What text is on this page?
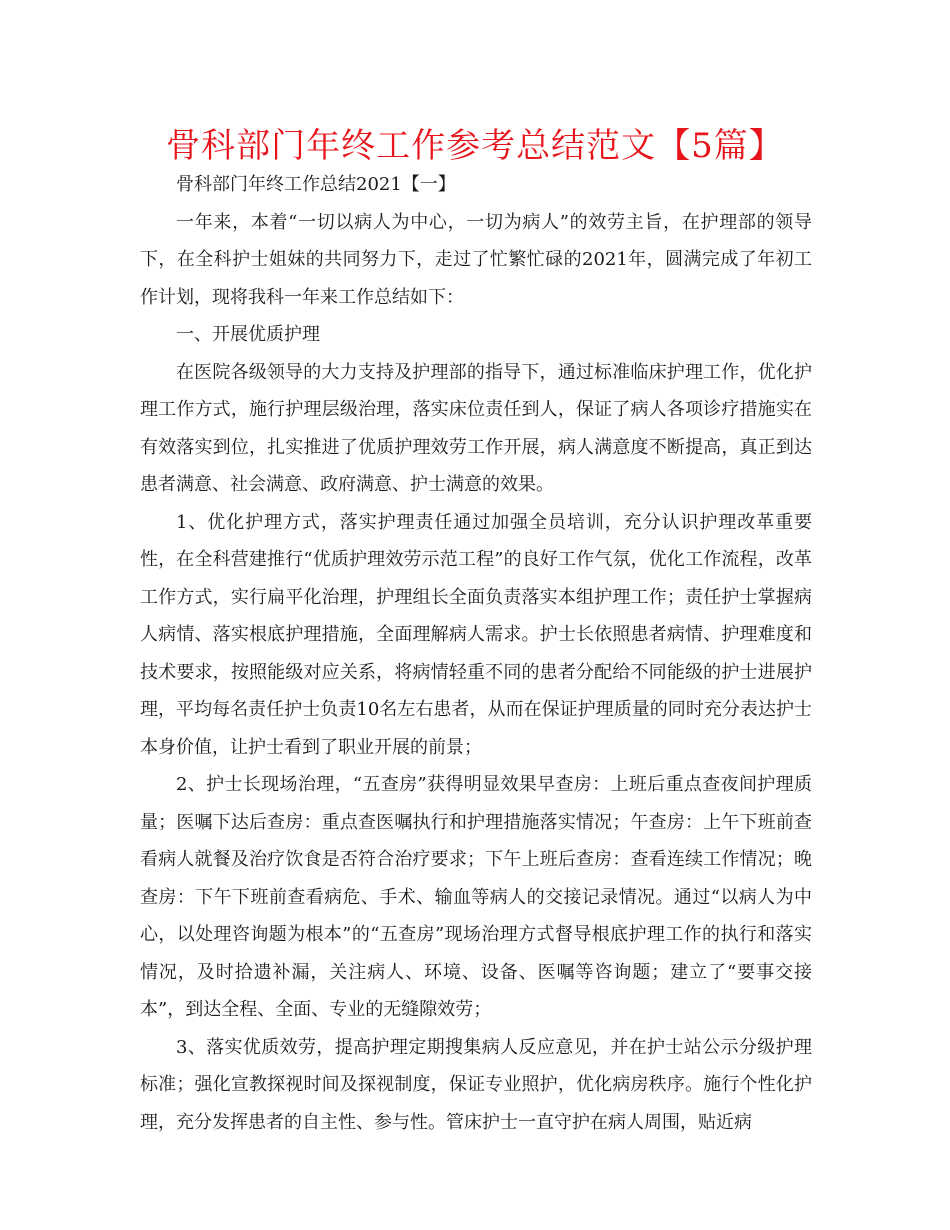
骨科部门年终工作参考总结范文【5篇】

骨科部门年终工作总结2021【一】

一年来，本着“一切以病人为中心，一切为病人”的效劳主旨，在护理部的领导下，在全科护士姐妹的共同努力下，走过了忙繁忙碌的2021年，圆满完成了年初工作计划，现将我科一年来工作总结如下：

一、开展优质护理

在医院各级领导的大力支持及护理部的指导下，通过标准临床护理工作，优化护理工作方式，施行护理层级治理，落实床位责任到人，保证了病人各项诊疗措施实在有效落实到位，扎实推进了优质护理效劳工作开展，病人满意度不断提高，真正到达患者满意、社会满意、政府满意、护士满意的效果。

1、优化护理方式，落实护理责任通过加强全员培训，充分认识护理改革重要性，在全科营建推行“优质护理效劳示范工程”的良好工作气氛，优化工作流程，改革工作方式，实行扁平化治理，护理组长全面负责落实本组护理工作；责任护士掌握病人病情、落实根底护理措施，全面理解病人需求。护士长依照患者病情、护理难度和技术要求，按照能级对应关系，将病情轻重不同的患者分配给不同能级的护士进展护理，平均每名责任护士负责10名左右患者，从而在保证护理质量的同时充分表达护士本身价值，让护士看到了职业开展的前景；

2、护士长现场治理，“五查房”获得明显效果早查房：上班后重点查夜间护理质量；医嘱下达后查房：重点查医嘱执行和护理措施落实情况；午查房：上午下班前查看病人就餐及治疗饮食是否符合治疗要求；下午上班后查房：查看连续工作情况；晚查房：下午下班前查看病危、手术、输血等病人的交接记录情况。通过“以病人为中心，以处理咨询题为根本”的“五查房”现场治理方式督导根底护理工作的执行和落实情况，及时拾遗补漏，关注病人、环境、设备、医嘱等咨询题；建立了“要事交接本”，到达全程、全面、专业的无缝隙效劳；

3、落实优质效劳，提高护理定期搜集病人反应意见，并在护士站公示分级护理标准；强化宣教探视时间及探视制度，保证专业照护，优化病房秩序。施行个性化护理，充分发挥患者的自主性、参与性。管床护士一直守护在病人周围，贴近病
